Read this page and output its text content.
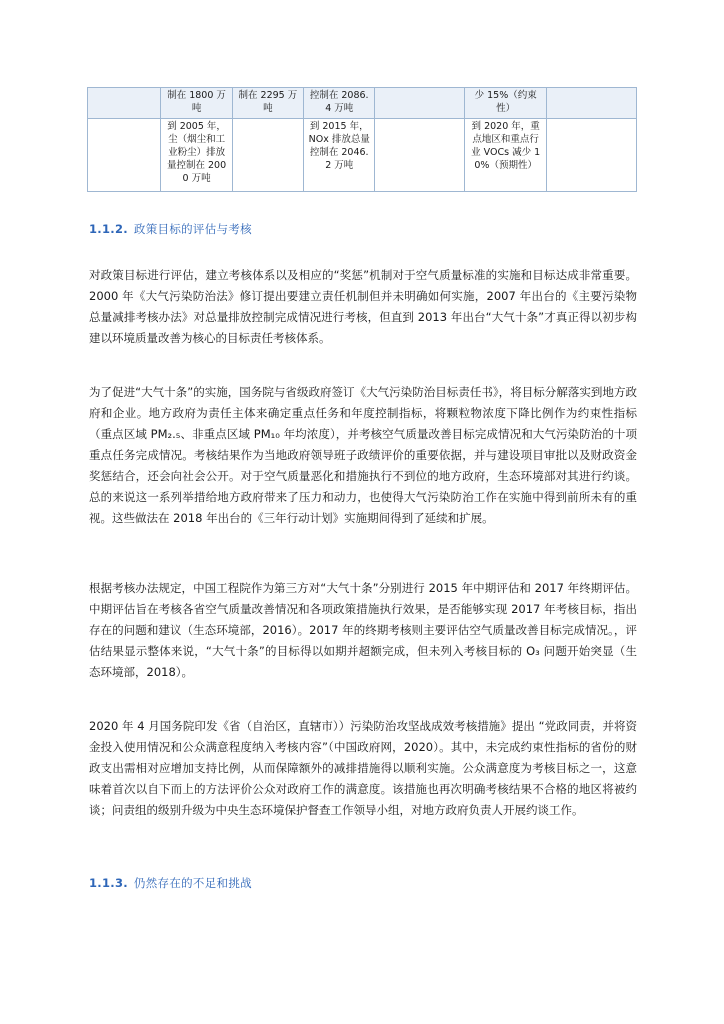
	制在 1800 万吨	制在 2295 万吨	控制在 2086.4 万吨		少 15%（约束性）	
	到 2005 年，尘（烟尘和工业粉尘）排放量控制在 2000 万吨		到 2015 年，NOx 排放总量控制在 2046.2 万吨		到 2020 年，重点地区和重点行业 VOCs 减少 10%（预期性）	
1.1.2. 政策目标的评估与考核

对政策目标进行评估，建立考核体系以及相应的“奖惩”机制对于空气质量标准的实施和目标达成非常重要。2000 年《大气污染防治法》修订提出要建立责任机制但并未明确如何实施，2007 年出台的《主要污染物总量减排考核办法》对总量排放控制完成情况进行考核，但直到 2013 年出台“大气十条”才真正得以初步构建以环境质量改善为核心的目标责任考核体系。

为了促进“大气十条”的实施，国务院与省级政府签订《大气污染防治目标责任书》，将目标分解落实到地方政府和企业。地方政府为责任主体来确定重点任务和年度控制指标，将颗粒物浓度下降比例作为约束性指标（重点区域 PM₂.₅、非重点区域 PM₁₀ 年均浓度），并考核空气质量改善目标完成情况和大气污染防治的十项重点任务完成情况。考核结果作为当地政府领导班子政绩评价的重要依据，并与建设项目审批以及财政资金奖惩结合，还会向社会公开。对于空气质量恶化和措施执行不到位的地方政府，生态环境部对其进行约谈。总的来说这一系列举措给地方政府带来了压力和动力，也使得大气污染防治工作在实施中得到前所未有的重视。这些做法在 2018 年出台的《三年行动计划》实施期间得到了延续和扩展。

根据考核办法规定，中国工程院作为第三方对“大气十条”分别进行 2015 年中期评估和 2017 年终期评估。中期评估旨在考核各省空气质量改善情况和各项政策措施执行效果，是否能够实现 2017 年考核目标，指出存在的问题和建议（生态环境部，2016）。2017 年的终期考核则主要评估空气质量改善目标完成情况。，评估结果显示整体来说，“大气十条”的目标得以如期并超额完成，但未列入考核目标的 O₃ 问题开始突显（生态环境部，2018）。

2020 年 4 月国务院印发《省（自治区，直辖市））污染防治攻坚战成效考核措施》提出 “党政同责，并将资金投入使用情况和公众满意程度纳入考核内容”（中国政府网，2020）。其中，未完成约束性指标的省份的财政支出需相对应增加支持比例，从而保障额外的减排措施得以顺利实施。公众满意度为考核目标之一，这意味着首次以自下而上的方法评价公众对政府工作的满意度。该措施也再次明确考核结果不合格的地区将被约谈；问责组的级别升级为中央生态环境保护督查工作领导小组，对地方政府负责人开展约谈工作。

1.1.3. 仍然存在的不足和挑战
